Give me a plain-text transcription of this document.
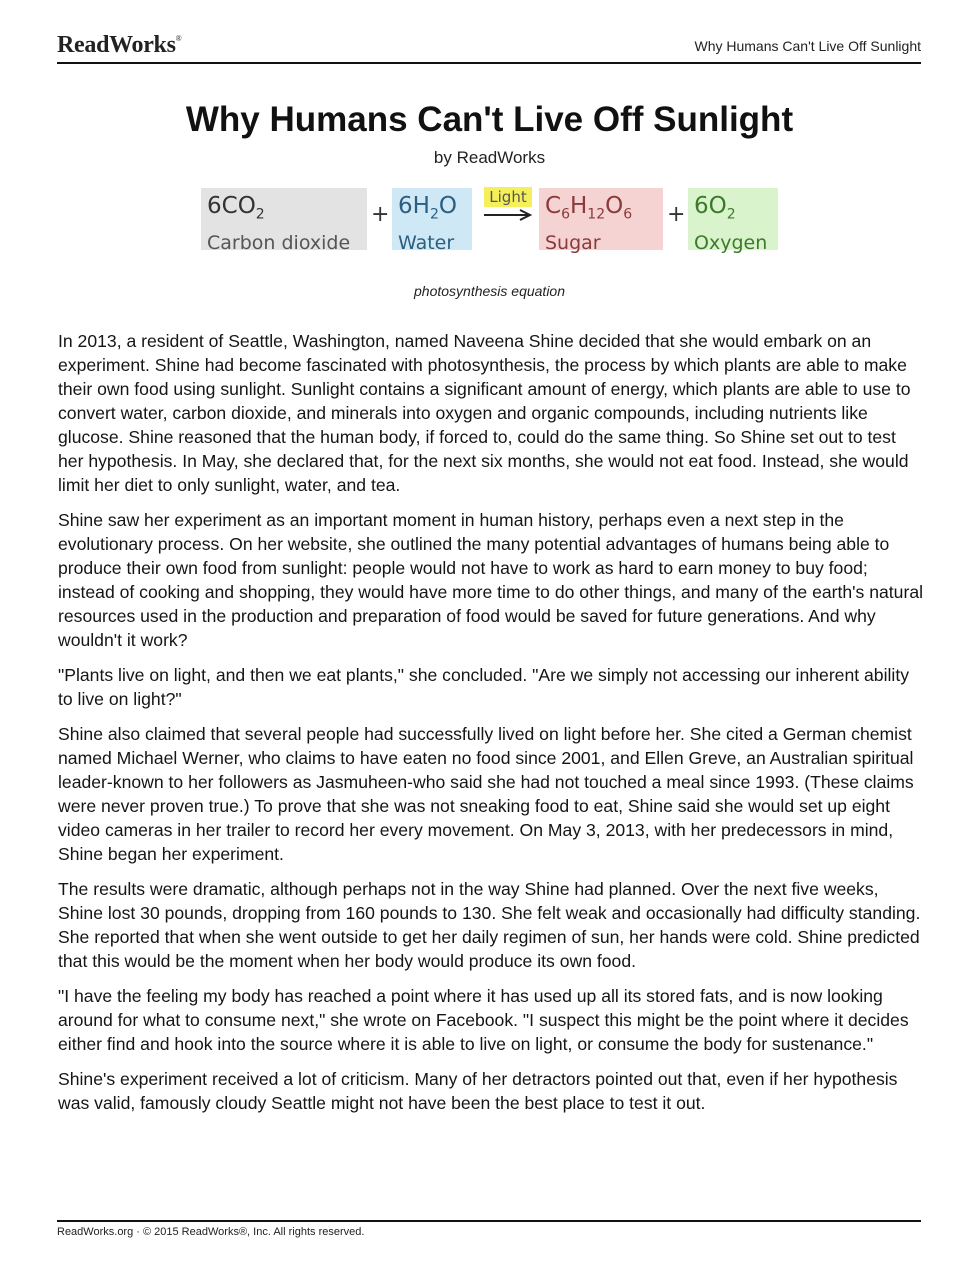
ReadWorks®	Why Humans Can't Live Off Sunlight
Why Humans Can't Live Off Sunlight
by ReadWorks
$6CO_2$
Carbon dioxide
+ $6H_2O$
Water
Light → $C_6H_{12}O_6$
Sugar
+ $6O_2$
Oxygen
photosynthesis equation

In 2013, a resident of Seattle, Washington, named Naveena Shine decided that she would embark on an experiment. Shine had become fascinated with photosynthesis, the process by which plants are able to make their own food using sunlight. Sunlight contains a significant amount of energy, which plants are able to use to convert water, carbon dioxide, and minerals into oxygen and organic compounds, including nutrients like glucose. Shine reasoned that the human body, if forced to, could do the same thing. So Shine set out to test her hypothesis. In May, she declared that, for the next six months, she would not eat food. Instead, she would limit her diet to only sunlight, water, and tea.

Shine saw her experiment as an important moment in human history, perhaps even a next step in the evolutionary process. On her website, she outlined the many potential advantages of humans being able to produce their own food from sunlight: people would not have to work as hard to earn money to buy food; instead of cooking and shopping, they would have more time to do other things, and many of the earth's natural resources used in the production and preparation of food would be saved for future generations. And why wouldn't it work?

"Plants live on light, and then we eat plants," she concluded. "Are we simply not accessing our inherent ability to live on light?"

Shine also claimed that several people had successfully lived on light before her. She cited a German chemist named Michael Werner, who claims to have eaten no food since 2001, and Ellen Greve, an Australian spiritual leader-known to her followers as Jasmuheen-who said she had not touched a meal since 1993. (These claims were never proven true.) To prove that she was not sneaking food to eat, Shine said she would set up eight video cameras in her trailer to record her every movement. On May 3, 2013, with her predecessors in mind, Shine began her experiment.

The results were dramatic, although perhaps not in the way Shine had planned. Over the next five weeks, Shine lost 30 pounds, dropping from 160 pounds to 130. She felt weak and occasionally had difficulty standing. She reported that when she went outside to get her daily regimen of sun, her hands were cold. Shine predicted that this would be the moment when her body would produce its own food.

"I have the feeling my body has reached a point where it has used up all its stored fats, and is now looking around for what to consume next," she wrote on Facebook. "I suspect this might be the point where it decides either find and hook into the source where it is able to live on light, or consume the body for sustenance."

Shine's experiment received a lot of criticism. Many of her detractors pointed out that, even if her hypothesis was valid, famously cloudy Seattle might not have been the best place to test it out.

ReadWorks.org · © 2015 ReadWorks®, Inc. All rights reserved.
